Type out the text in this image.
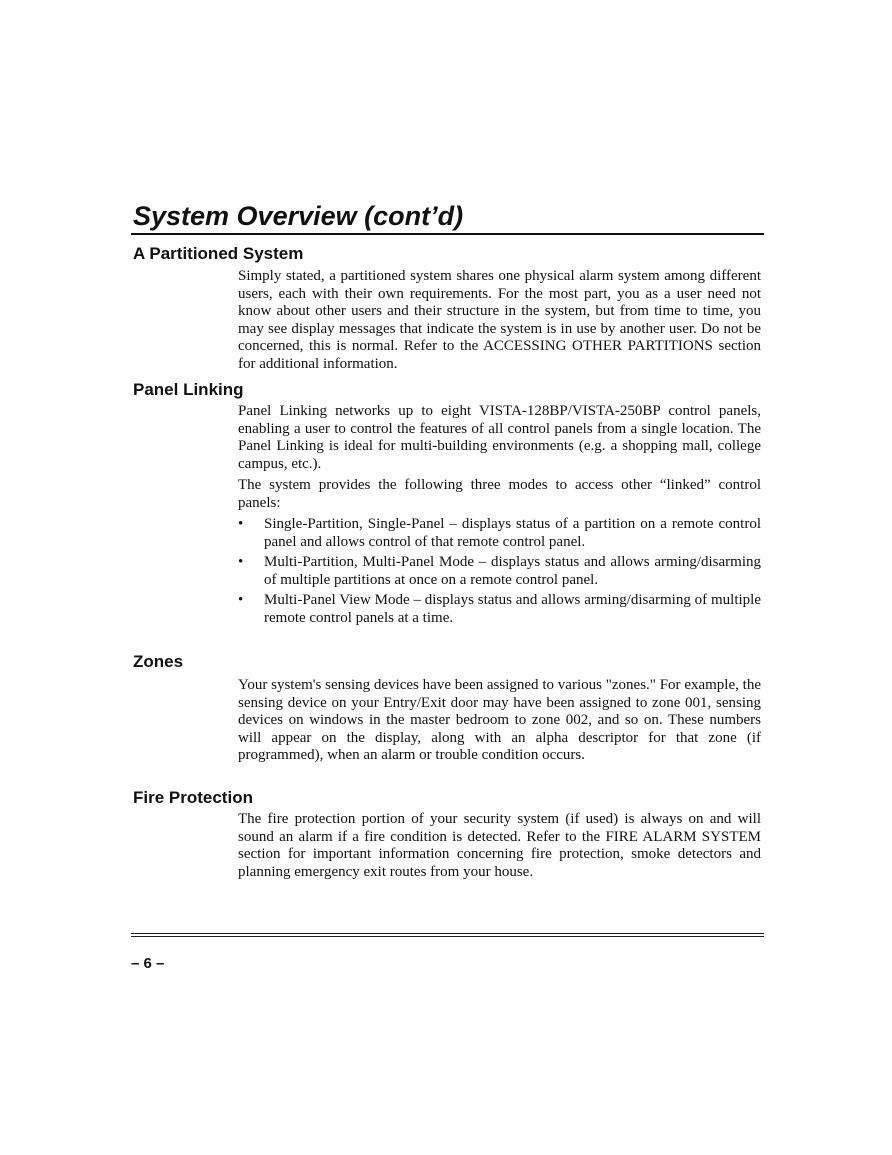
System Overview (cont’d)
A Partitioned System

Simply stated, a partitioned system shares one physical alarm system among different users, each with their own requirements. For the most part, you as a user need not know about other users and their structure in the system, but from time to time, you may see display messages that indicate the system is in use by another user. Do not be concerned, this is normal. Refer to the ACCESSING OTHER PARTITIONS section for additional information.

Panel Linking

Panel Linking networks up to eight VISTA-128BP/VISTA-250BP control panels, enabling a user to control the features of all control panels from a single location. The Panel Linking is ideal for multi-building environments (e.g. a shopping mall, college campus, etc.).

The system provides the following three modes to access other “linked” control panels:

•	Single-Partition, Single-Panel – displays status of a partition on a remote control panel and allows control of that remote control panel.
•	Multi-Partition, Multi-Panel Mode – displays status and allows arming/disarming of multiple partitions at once on a remote control panel.
•	Multi-Panel View Mode – displays status and allows arming/disarming of multiple remote control panels at a time.
Zones

Your system's sensing devices have been assigned to various "zones." For example, the sensing device on your Entry/Exit door may have been assigned to zone 001, sensing devices on windows in the master bedroom to zone 002, and so on. These numbers will appear on the display, along with an alpha descriptor for that zone (if programmed), when an alarm or trouble condition occurs.

Fire Protection

The fire protection portion of your security system (if used) is always on and will sound an alarm if a fire condition is detected. Refer to the FIRE ALARM SYSTEM section for important information concerning fire protection, smoke detectors and planning emergency exit routes from your house.

– 6 –
